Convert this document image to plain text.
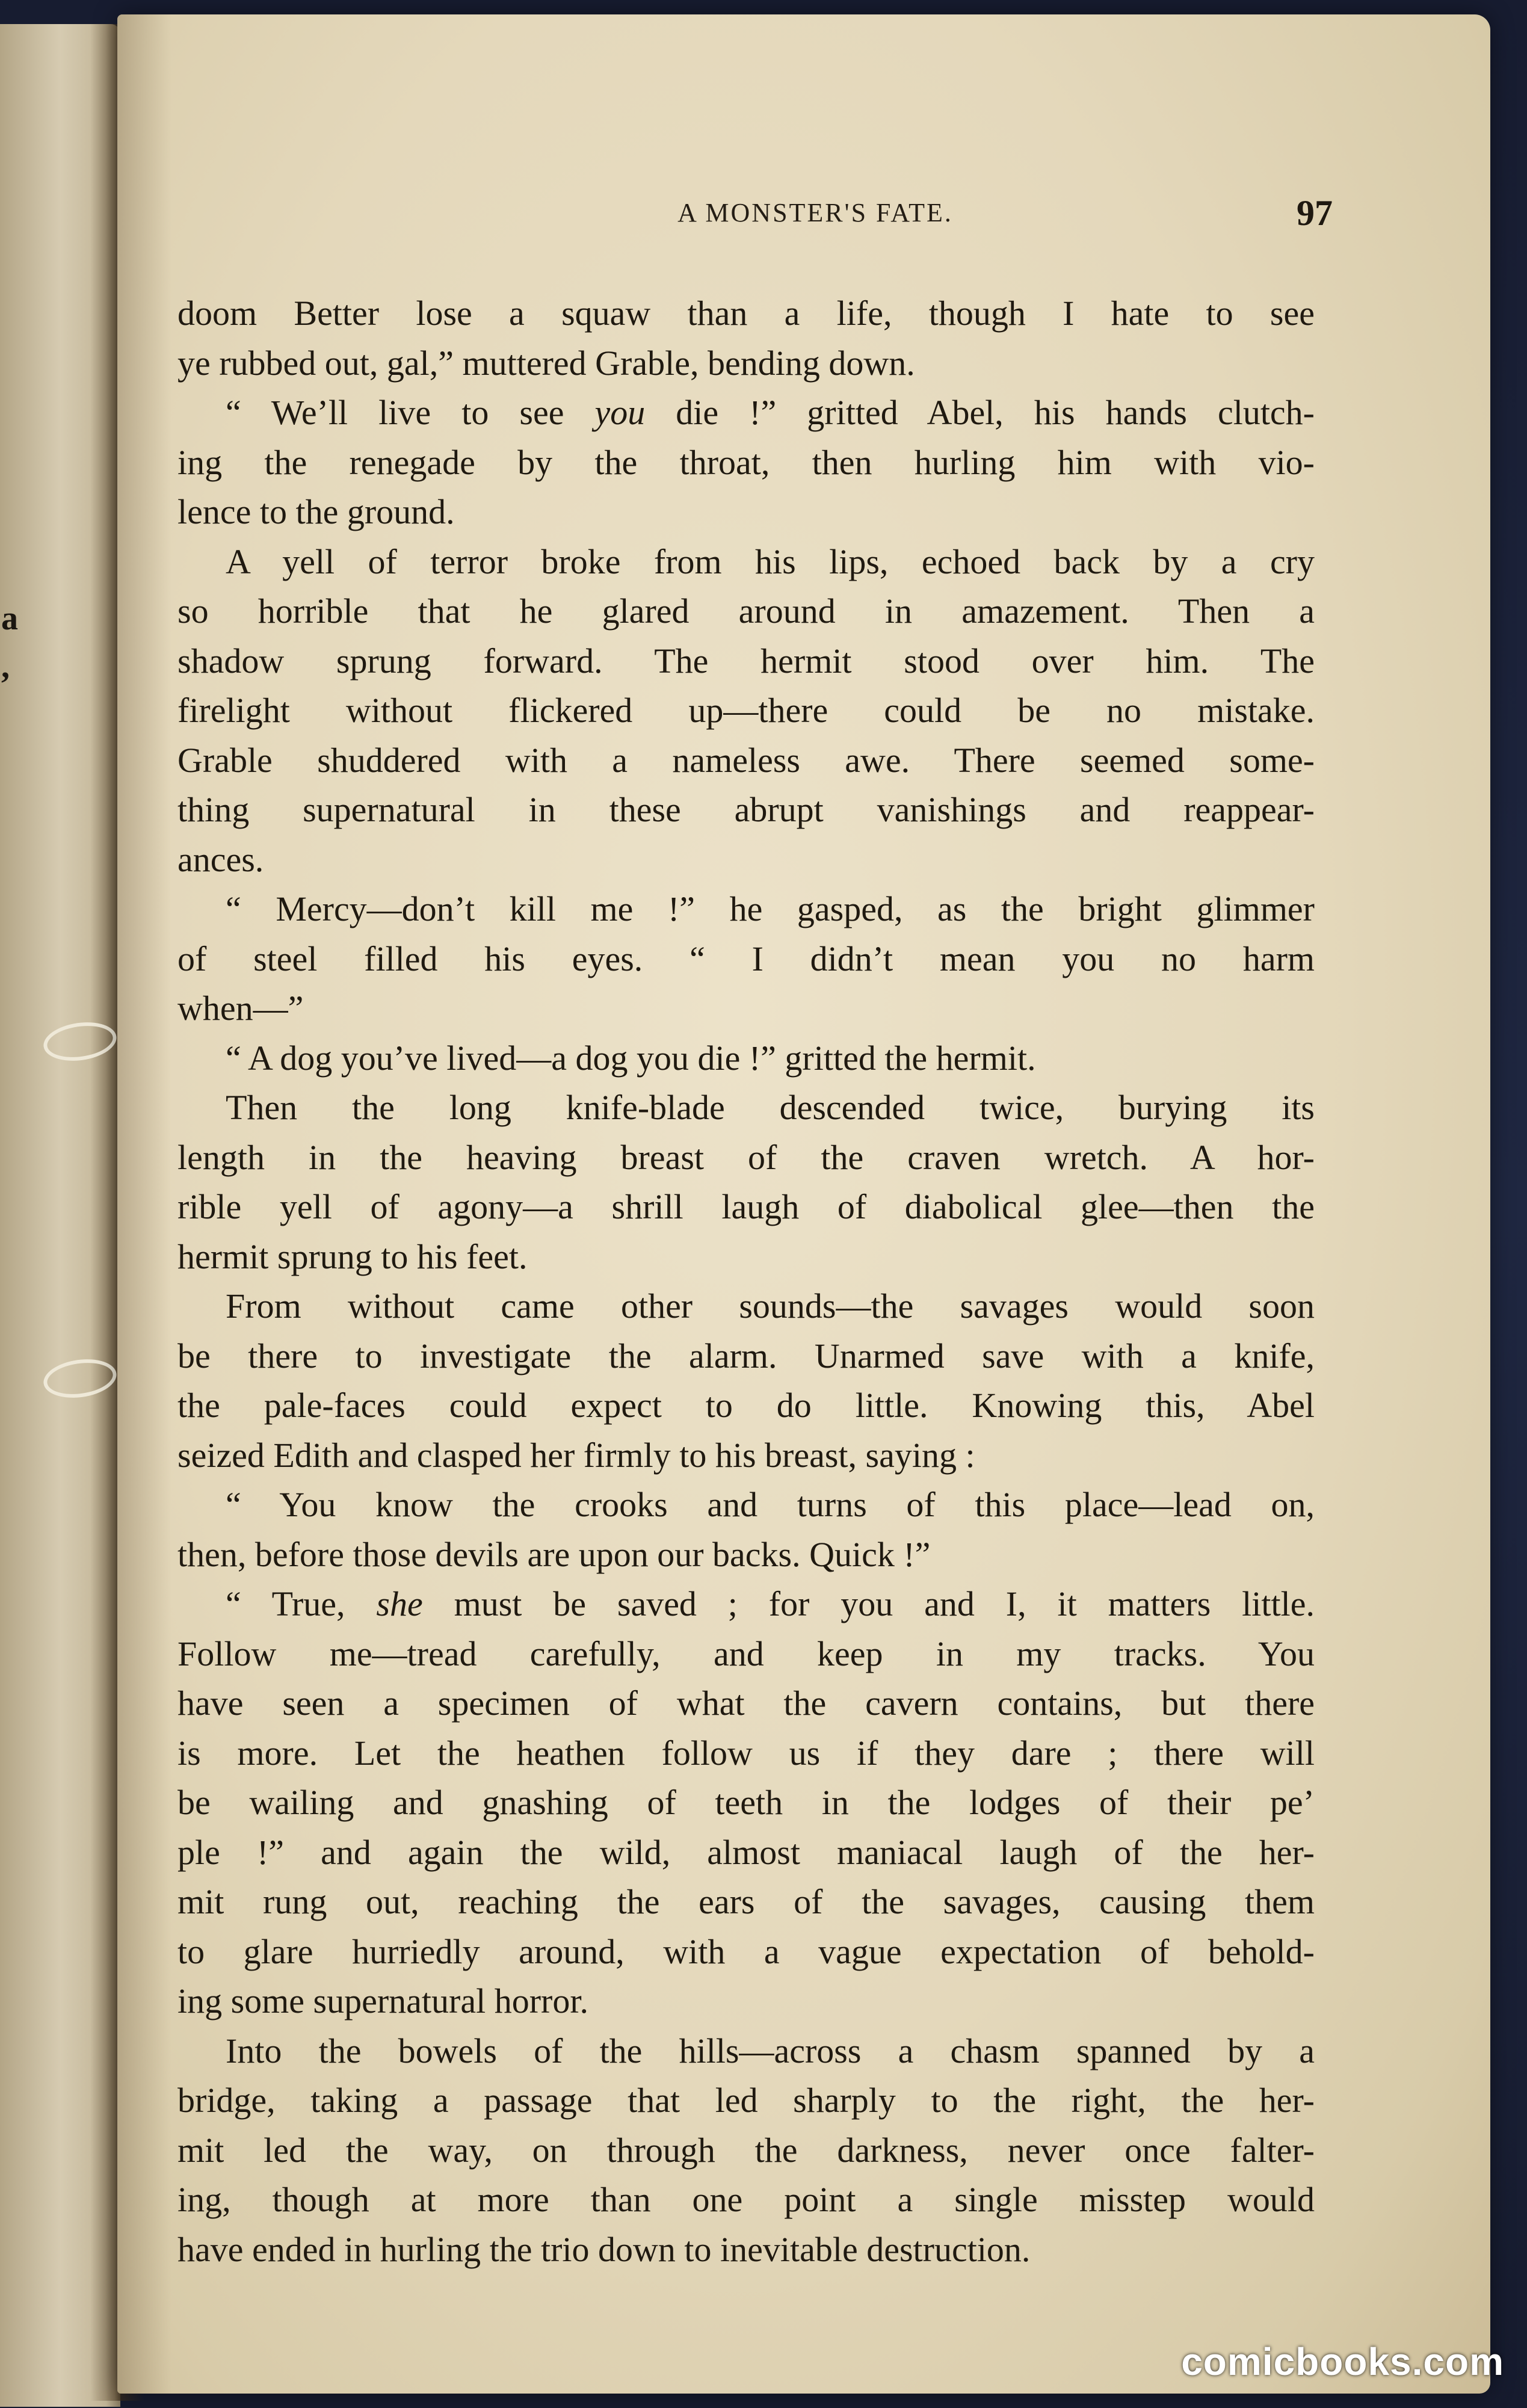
a
,
A MONSTER'S FATE.	97
doom Better lose a squaw than a life, though I hate to see
ye rubbed out, gal,” muttered Grable, bending down.
“ We’ll live to see you die !” gritted Abel, his hands clutch-
ing the renegade by the throat, then hurling him with vio-
lence to the ground.
A yell of terror broke from his lips, echoed back by a cry
so horrible that he glared around in amazement. Then a
shadow sprung forward. The hermit stood over him. The
firelight without flickered up—there could be no mistake.
Grable shuddered with a nameless awe. There seemed some-
thing supernatural in these abrupt vanishings and reappear-
ances.
“ Mercy—don’t kill me !” he gasped, as the bright glimmer
of steel filled his eyes. “ I didn’t mean you no harm
when—”
“ A dog you’ve lived—a dog you die !” gritted the hermit.
Then the long knife-blade descended twice, burying its
length in the heaving breast of the craven wretch. A hor-
rible yell of agony—a shrill laugh of diabolical glee—then the
hermit sprung to his feet.
From without came other sounds—the savages would soon
be there to investigate the alarm. Unarmed save with a knife,
the pale-faces could expect to do little. Knowing this, Abel
seized Edith and clasped her firmly to his breast, saying :
“ You know the crooks and turns of this place—lead on,
then, before those devils are upon our backs. Quick !”
“ True, she must be saved ; for you and I, it matters little.
Follow me—tread carefully, and keep in my tracks. You
have seen a specimen of what the cavern contains, but there
is more. Let the heathen follow us if they dare ; there will
be wailing and gnashing of teeth in the lodges of their pe’
ple !” and again the wild, almost maniacal laugh of the her-
mit rung out, reaching the ears of the savages, causing them
to glare hurriedly around, with a vague expectation of behold-
ing some supernatural horror.
Into the bowels of the hills—across a chasm spanned by a
bridge, taking a passage that led sharply to the right, the her-
mit led the way, on through the darkness, never once falter-
ing, though at more than one point a single misstep would
have ended in hurling the trio down to inevitable destruction.
comicbooks.com
